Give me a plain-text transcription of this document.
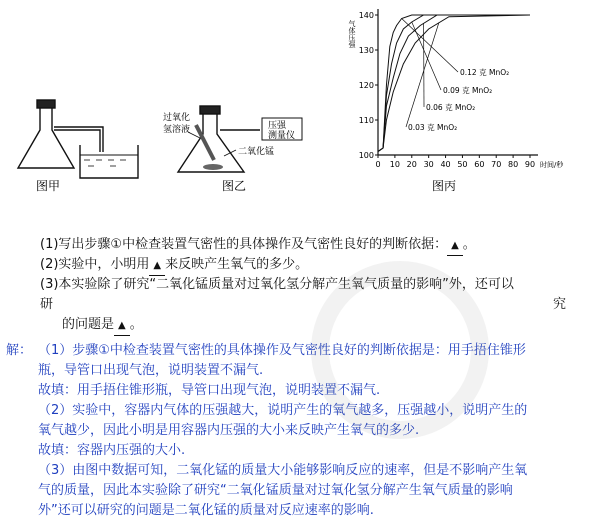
图甲
过氧化氢溶液
二氧化锰
压强测量仪
图乙
140
130
120
110
100
0 10 20 30 40 50 60 70 80 90
气体压强
时间/秒
0.12 克 MnO₂
0.09 克 MnO₂
0.06 克 MnO₂
0.03 克 MnO₂
图丙
(1)写出步骤①中检查装置气密性的具体操作及气密性良好的判断依据： ▲ 。
(2)实验中，小明用 ▲ 来反映产生氧气的多少。
(3)本实验除了研究“二氧化锰质量对过氧化氢分解产生氧气质量的影响”外，还可以
研	究
的问题是 ▲ 。
解： （1）步骤①中检查装置气密性的具体操作及气密性良好的判断依据是：用手捂住锥形
瓶，导管口出现气泡，说明装置不漏气.
故填：用手捂住锥形瓶，导管口出现气泡，说明装置不漏气.
（2）实验中，容器内气体的压强越大，说明产生的氧气越多，压强越小，说明产生的
氧气越少，因此小明是用容器内压强的大小来反映产生氧气的多少.
故填：容器内压强的大小.
（3）由图中数据可知，二氧化锰的质量大小能够影响反应的速率，但是不影响产生氧
气的质量，因此本实验除了研究“二氧化锰质量对过氧化氢分解产生氧气质量的影响
外”还可以研究的问题是二氧化锰的质量对反应速率的影响.
